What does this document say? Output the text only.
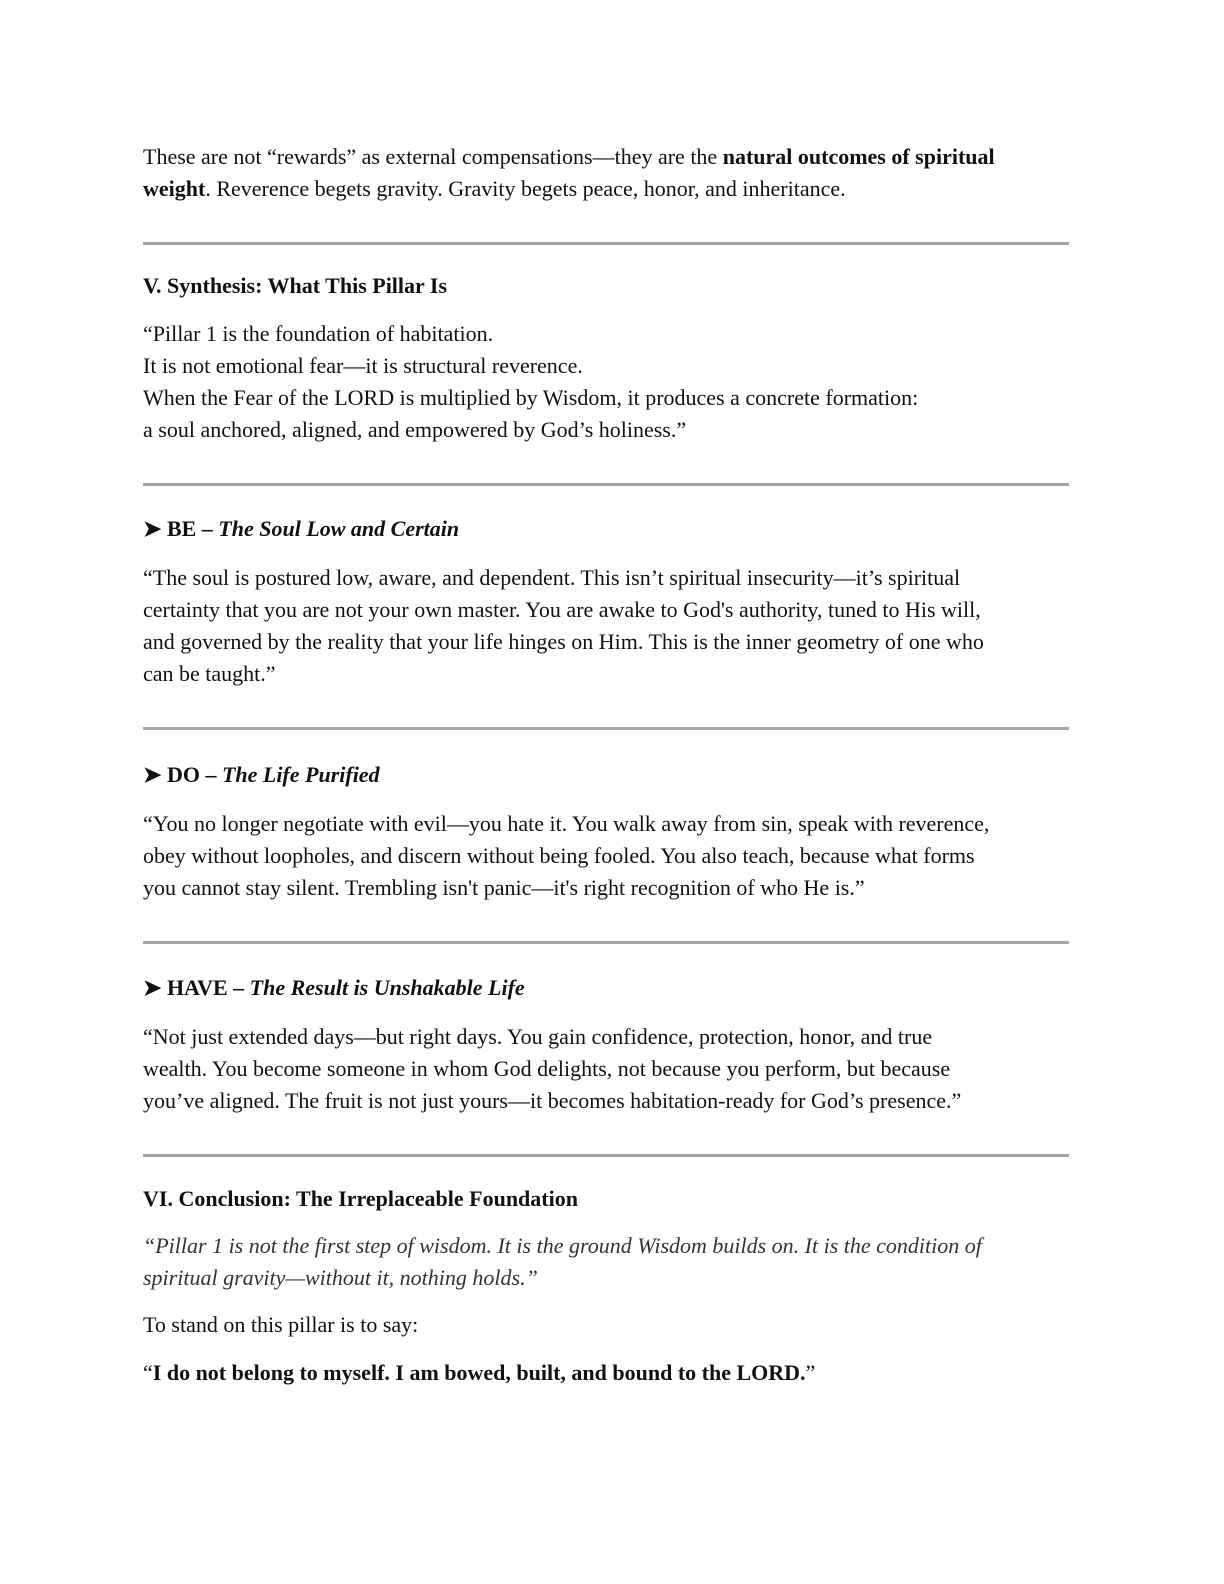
These are not “rewards” as external compensations—they are the natural outcomes of spiritual
weight. Reverence begets gravity. Gravity begets peace, honor, and inheritance.

V. Synthesis: What This Pillar Is

“Pillar 1 is the foundation of habitation.
It is not emotional fear—it is structural reverence.
When the Fear of the LORD is multiplied by Wisdom, it produces a concrete formation:
a soul anchored, aligned, and empowered by God’s holiness.”

➤ BE – The Soul Low and Certain

“The soul is postured low, aware, and dependent. This isn’t spiritual insecurity—it’s spiritual
certainty that you are not your own master. You are awake to God's authority, tuned to His will,
and governed by the reality that your life hinges on Him. This is the inner geometry of one who
can be taught.”

➤ DO – The Life Purified

“You no longer negotiate with evil—you hate it. You walk away from sin, speak with reverence,
obey without loopholes, and discern without being fooled. You also teach, because what forms
you cannot stay silent. Trembling isn't panic—it's right recognition of who He is.”

➤ HAVE – The Result is Unshakable Life

“Not just extended days—but right days. You gain confidence, protection, honor, and true
wealth. You become someone in whom God delights, not because you perform, but because
you’ve aligned. The fruit is not just yours—it becomes habitation-ready for God’s presence.”

VI. Conclusion: The Irreplaceable Foundation

“Pillar 1 is not the first step of wisdom. It is the ground Wisdom builds on. It is the condition of
spiritual gravity—without it, nothing holds.”

To stand on this pillar is to say:

“I do not belong to myself. I am bowed, built, and bound to the LORD.”
